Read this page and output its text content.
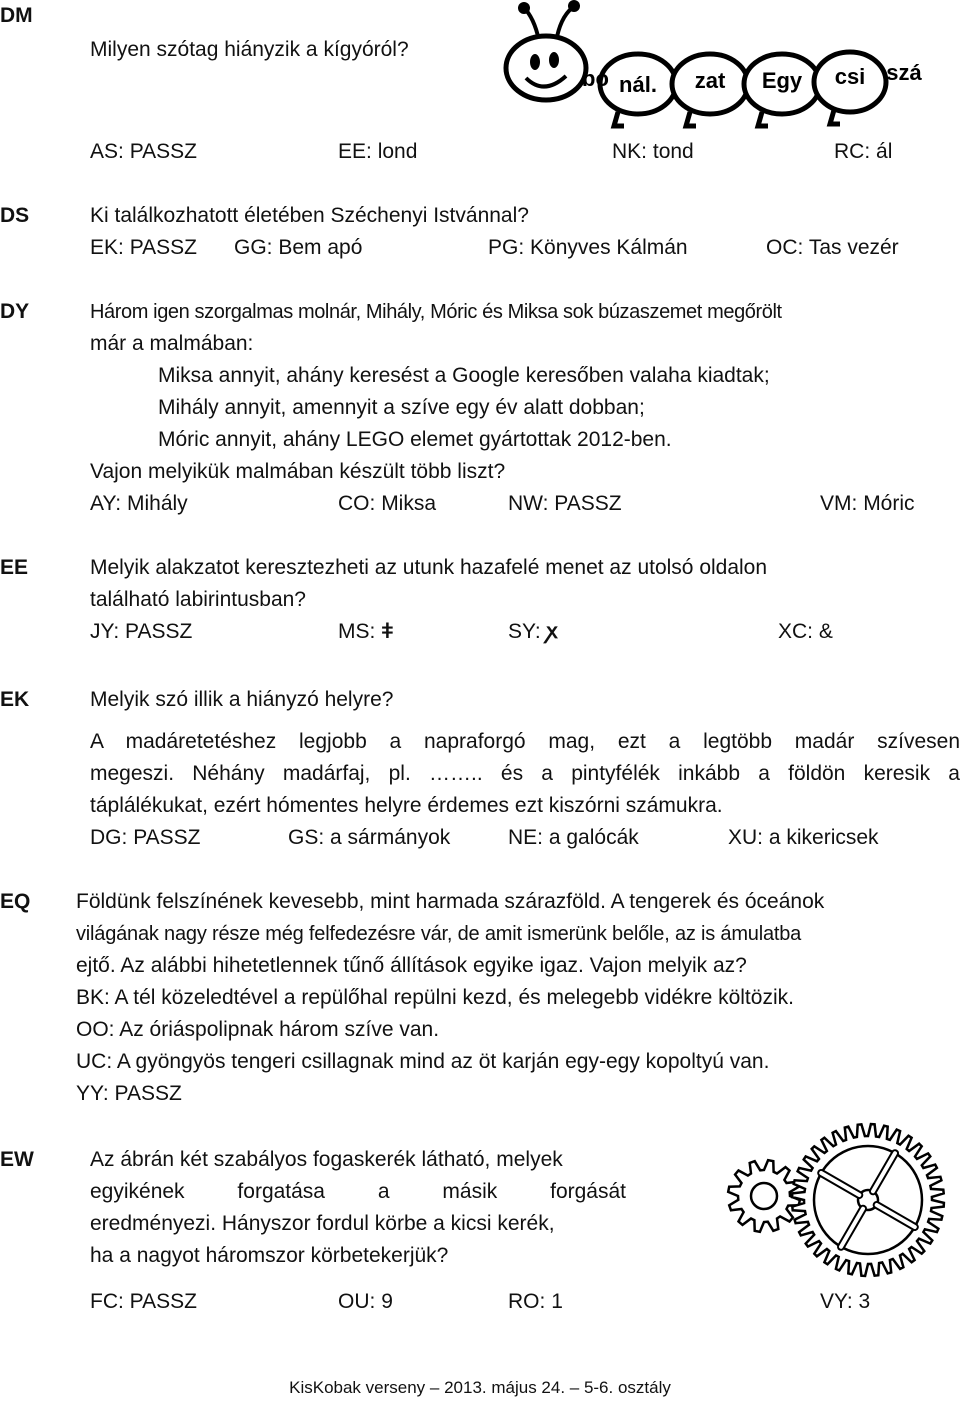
DM
Milyen szótag hiányzik a kígyóról?
bo nál. zat Egy csi szá
AS: PASSZ	EE: lond	NK: tond	RC: ál
DS	Ki találkozhatott életében Széchenyi Istvánnal?
EK: PASSZ GG: Bem apó	PG: Könyves Kálmán	OC: Tas vezér
DY	Három igen szorgalmas molnár, Mihály, Móric és Miksa sok búzaszemet megőrölt
már a malmában:
Miksa annyit, ahány keresést a Google keresőben valaha kiadtak;
Mihály annyit, amennyit a szíve egy év alatt dobban;
Móric annyit, ahány LEGO elemet gyártottak 2012-ben.
Vajon melyikük malmában készült több liszt?
AY: Mihály	CO: Miksa	NW: PASSZ	VM: Móric
EE	Melyik alakzatot keresztezheti az utunk hazafelé menet az utolsó oldalon
található labirintusban?
JY: PASSZ	MS: ǂ	SY: ꭗ	XC: &
EK	Melyik szó illik a hiányzó helyre?
A madáretetéshez legjobb a napraforgó mag, ezt a legtöbb madár szívesen
megeszi. Néhány madárfaj, pl. …….. és a pintyfélék inkább a földön keresik a
táplálékukat, ezért hómentes helyre érdemes ezt kiszórni számukra.
DG: PASSZ	GS: a sármányok	NE: a galócák	XU: a kikericsek
EQ Földünk felszínének kevesebb, mint harmada szárazföld. A tengerek és óceánok
világának nagy része még felfedezésre vár, de amit ismerünk belőle, az is ámulatba
ejtő. Az alábbi hihetetlennek tűnő állítások egyike igaz. Vajon melyik az?
BK: A tél közeledtével a repülőhal repülni kezd, és melegebb vidékre költözik.
OO: Az óriáspolipnak három szíve van.
UC: A gyöngyös tengeri csillagnak mind az öt karján egy-egy kopoltyú van.
YY: PASSZ
EW	Az ábrán két szabályos fogaskerék látható, melyek
egyikének forgatása a másik forgását
eredményezi. Hányszor fordul körbe a kicsi kerék,
ha a nagyot háromszor körbetekerjük?
FC: PASSZ	OU: 9	RO: 1	VY: 3
KisKobak verseny – 2013. május 24. – 5-6. osztály
